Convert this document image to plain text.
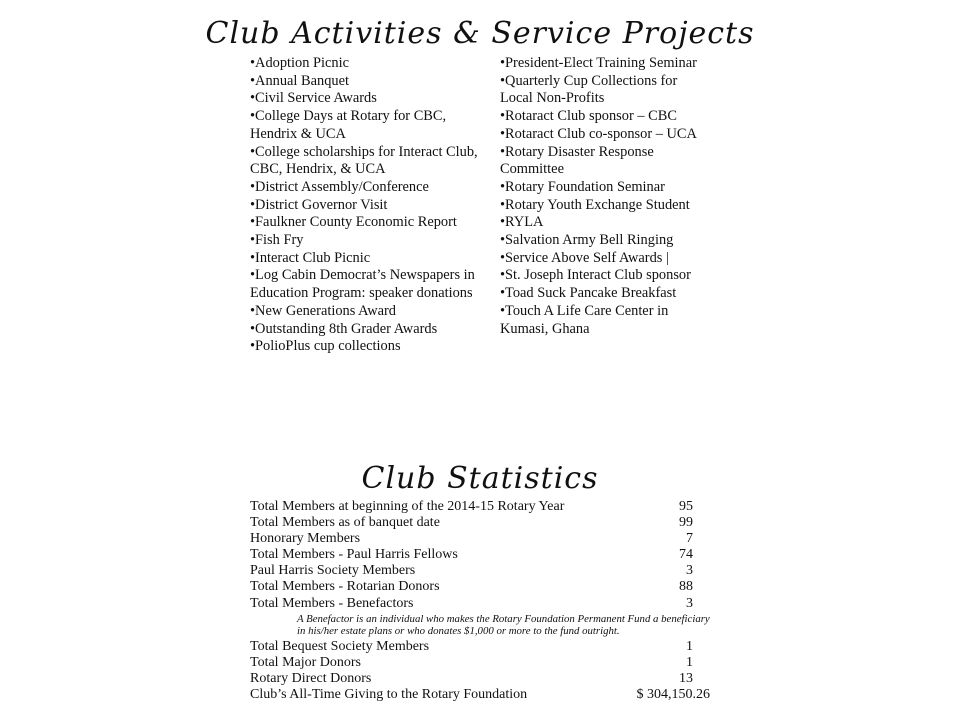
Club Activities & Service Projects
• Adoption Picnic
• Annual Banquet
• Civil Service Awards
• College Days at Rotary for CBC, Hendrix & UCA
• College scholarships for Interact Club, CBC, Hendrix, & UCA
• District Assembly/Conference
• District Governor Visit
• Faulkner County Economic Report
• Fish Fry
• Interact Club Picnic
• Log Cabin Democrat’s Newspapers in Education Program: speaker donations
• New Generations Award
• Outstanding 8th Grader Awards
• PolioPlus cup collections
• President-Elect Training Seminar
• Quarterly Cup Collections for Local Non-Profits
• Rotaract Club sponsor – CBC
• Rotaract Club co-sponsor – UCA
• Rotary Disaster Response Committee
• Rotary Foundation Seminar
• Rotary Youth Exchange Student
• RYLA
• Salvation Army Bell Ringing
• Service Above Self Awards |
• St. Joseph Interact Club sponsor
• Toad Suck Pancake Breakfast
• Touch A Life Care Center in Kumasi, Ghana
Club Statistics
Total Members at beginning of the 2014-15 Rotary Year	95
Total Members as of banquet date	99
Honorary Members	7
Total Members - Paul Harris Fellows	74
Paul Harris Society Members	3
Total Members - Rotarian Donors	88
Total Members - Benefactors	3
A Benefactor is an individual who makes the Rotary Foundation Permanent Fund a beneficiary in his/her estate plans or who donates $1,000 or more to the fund outright.	
Total Bequest Society Members	1
Total Major Donors	1
Rotary Direct Donors	13
Club’s All-Time Giving to the Rotary Foundation	$ 304,150.26
